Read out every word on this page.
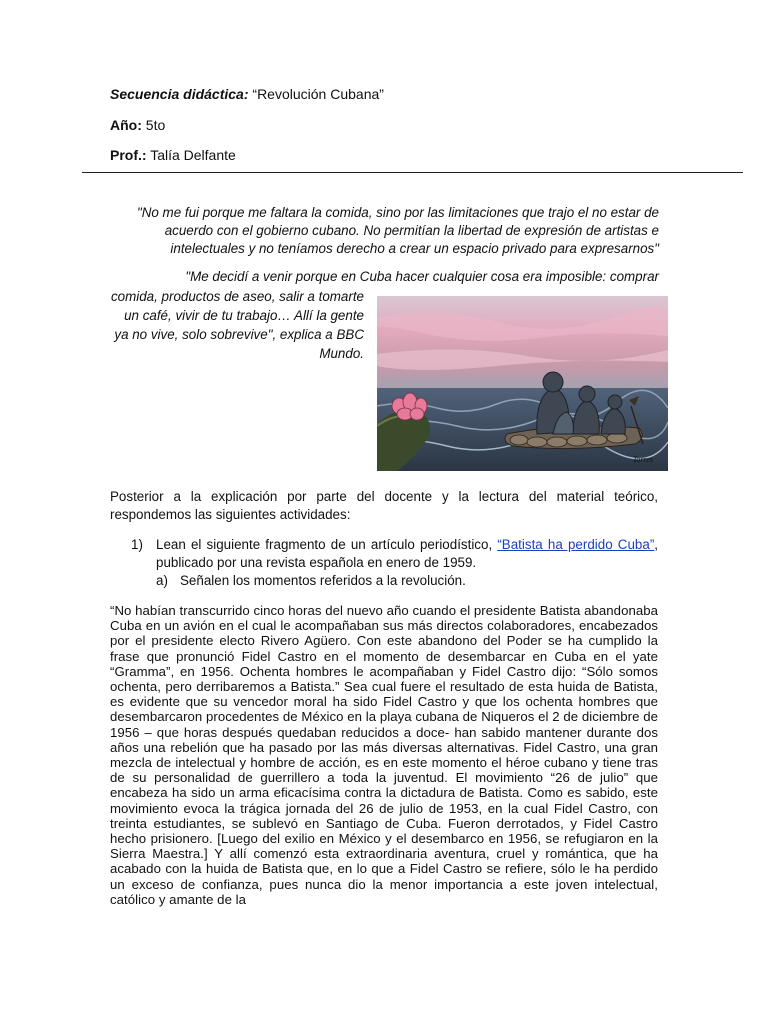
Secuencia didáctica: “Revolución Cubana”
Año: 5to
Prof.: Talía Delfante
"No me fui porque me faltara la comida, sino por las limitaciones que trajo el no estar de acuerdo con el gobierno cubano. No permitían la libertad de expresión de artistas e intelectuales y no teníamos derecho a crear un espacio privado para expresarnos"
"Me decidí a venir porque en Cuba hacer cualquier cosa era imposible: comprar
comida, productos de aseo, salir a tomarte un café, vivir de tu trabajo… Allí la gente ya no vive, solo sobrevive", explica a BBC Mundo.
Torres
Posterior a la explicación por parte del docente y la lectura del material teórico, respondemos las siguientes actividades:
1) Lean el siguiente fragmento de un artículo periodístico, “Batista ha perdido Cuba”, publicado por una revista española en enero de 1959.
a) Señalen los momentos referidos a la revolución.
“No habían transcurrido cinco horas del nuevo año cuando el presidente Batista abandonaba Cuba en un avión en el cual le acompañaban sus más directos colaboradores, encabezados por el presidente electo Rivero Agüero. Con este abandono del Poder se ha cumplido la frase que pronunció Fidel Castro en el momento de desembarcar en Cuba en el yate “Gramma”, en 1956. Ochenta hombres le acompañaban y Fidel Castro dijo: “Sólo somos ochenta, pero derribaremos a Batista.” Sea cual fuere el resultado de esta huida de Batista, es evidente que su vencedor moral ha sido Fidel Castro y que los ochenta hombres que desembarcaron procedentes de México en la playa cubana de Niqueros el 2 de diciembre de 1956 – que horas después quedaban reducidos a doce- han sabido mantener durante dos años una rebelión que ha pasado por las más diversas alternativas. Fidel Castro, una gran mezcla de intelectual y hombre de acción, es en este momento el héroe cubano y tiene tras de su personalidad de guerrillero a toda la juventud. El movimiento “26 de julio” que encabeza ha sido un arma eficacísima contra la dictadura de Batista. Como es sabido, este movimiento evoca la trágica jornada del 26 de julio de 1953, en la cual Fidel Castro, con treinta estudiantes, se sublevó en Santiago de Cuba. Fueron derrotados, y Fidel Castro hecho prisionero. [Luego del exilio en México y el desembarco en 1956, se refugiaron en la Sierra Maestra.] Y allí comenzó esta extraordinaria aventura, cruel y romántica, que ha acabado con la huida de Batista que, en lo que a Fidel Castro se refiere, sólo le ha perdido un exceso de confianza, pues nunca dio la menor importancia a este joven intelectual, católico y amante de la
